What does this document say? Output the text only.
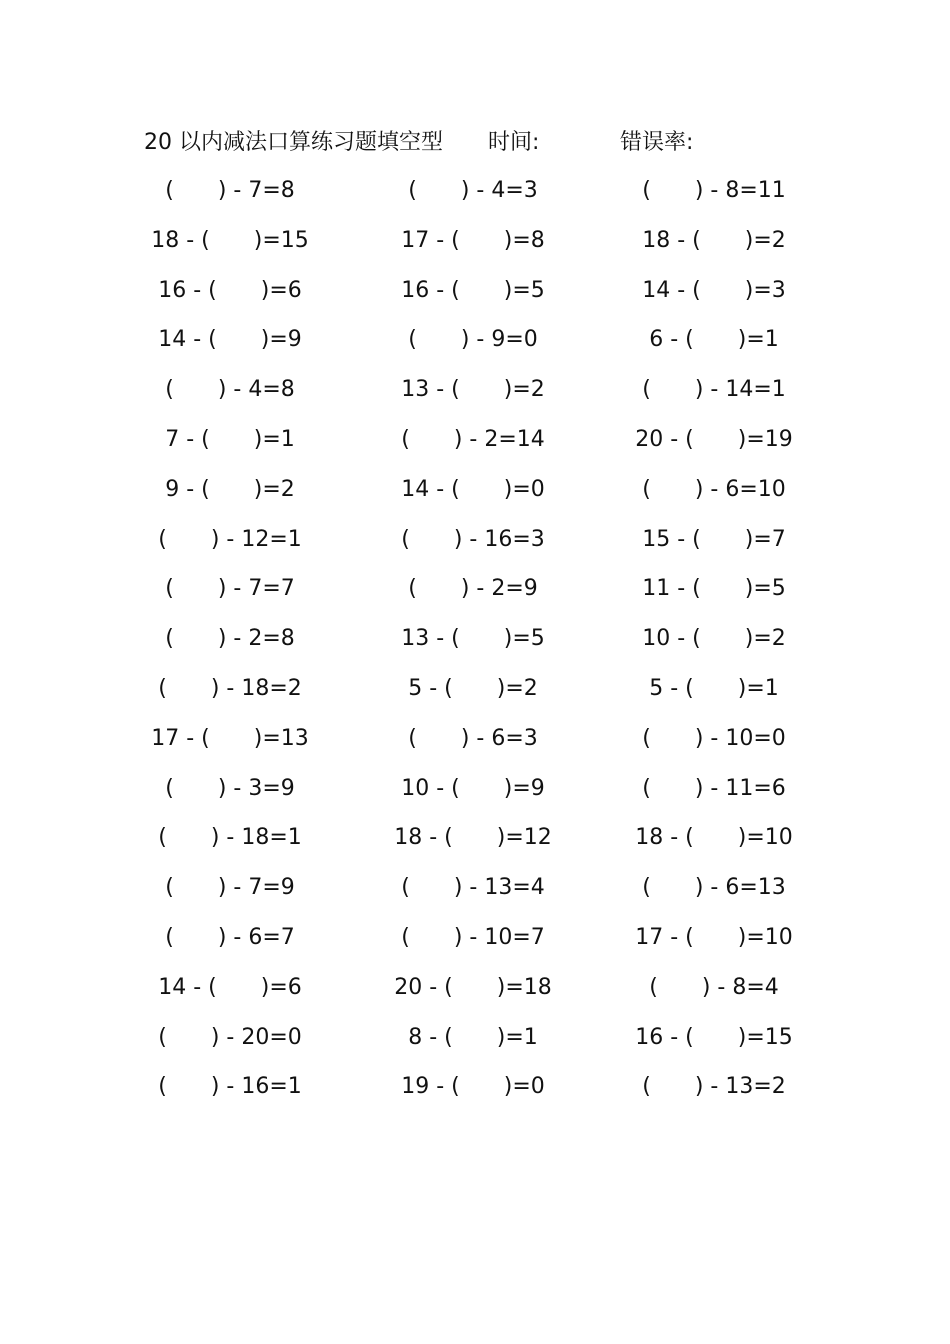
20 以内减法口算练习题填空型 时间:	错误率:
(　　) - 7=8	(　　) - 4=3	(　　) - 8=11
18 - (　　)=15	17 - (　　)=8	18 - (　　)=2
16 - (　　)=6	16 - (　　)=5	14 - (　　)=3
14 - (　　)=9	(　　) - 9=0	6 - (　　)=1
(　　) - 4=8	13 - (　　)=2	(　　) - 14=1
7 - (　　)=1	(　　) - 2=14	20 - (　　)=19
9 - (　　)=2	14 - (　　)=0	(　　) - 6=10
(　　) - 12=1	(　　) - 16=3	15 - (　　)=7
(　　) - 7=7	(　　) - 2=9	11 - (　　)=5
(　　) - 2=8	13 - (　　)=5	10 - (　　)=2
(　　) - 18=2	5 - (　　)=2	5 - (　　)=1
17 - (　　)=13	(　　) - 6=3	(　　) - 10=0
(　　) - 3=9	10 - (　　)=9	(　　) - 11=6
(　　) - 18=1	18 - (　　)=12	18 - (　　)=10
(　　) - 7=9	(　　) - 13=4	(　　) - 6=13
(　　) - 6=7	(　　) - 10=7	17 - (　　)=10
14 - (　　)=6	20 - (　　)=18	(　　) - 8=4
(　　) - 20=0	8 - (　　)=1	16 - (　　)=15
(　　) - 16=1	19 - (　　)=0	(　　) - 13=2
